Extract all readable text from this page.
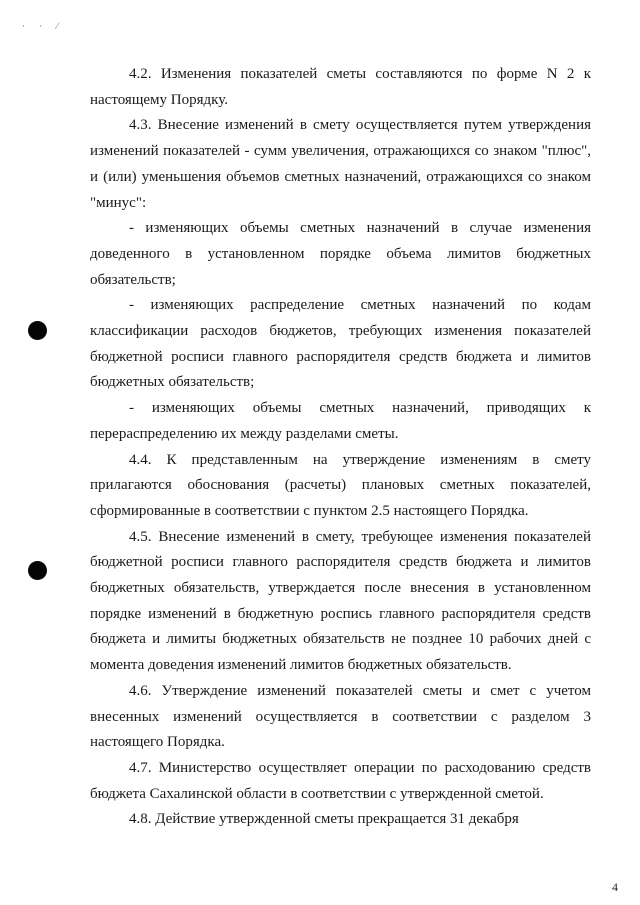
· · ⁄

4.2. Изменения показателей сметы составляются по форме N 2 к настоящему Порядку.

4.3. Внесение изменений в смету осуществляется путем утверждения изменений показателей - сумм увеличения, отражающихся со знаком "плюс", и (или) уменьшения объемов сметных назначений, отражающихся со знаком "минус":

- изменяющих объемы сметных назначений в случае изменения доведенного в установленном порядке объема лимитов бюджетных обязательств;

- изменяющих распределение сметных назначений по кодам классификации расходов бюджетов, требующих изменения показателей бюджетной росписи главного распорядителя средств бюджета и лимитов бюджетных обязательств;

- изменяющих объемы сметных назначений, приводящих к перераспределению их между разделами сметы.

4.4. К представленным на утверждение изменениям в смету прилагаются обоснования (расчеты) плановых сметных показателей, сформированные в соответствии с пунктом 2.5 настоящего Порядка.

4.5. Внесение изменений в смету, требующее изменения показателей бюджетной росписи главного распорядителя средств бюджета и лимитов бюджетных обязательств, утверждается после внесения в установленном порядке изменений в бюджетную роспись главного распорядителя средств бюджета и лимиты бюджетных обязательств не позднее 10 рабочих дней с момента доведения изменений лимитов бюджетных обязательств.

4.6. Утверждение изменений показателей сметы и смет с учетом внесенных изменений осуществляется в соответствии с разделом 3 настоящего Порядка.

4.7. Министерство осуществляет операции по расходованию средств бюджета Сахалинской области в соответствии с утвержденной сметой.

4.8. Действие утвержденной сметы прекращается 31 декабря

4
